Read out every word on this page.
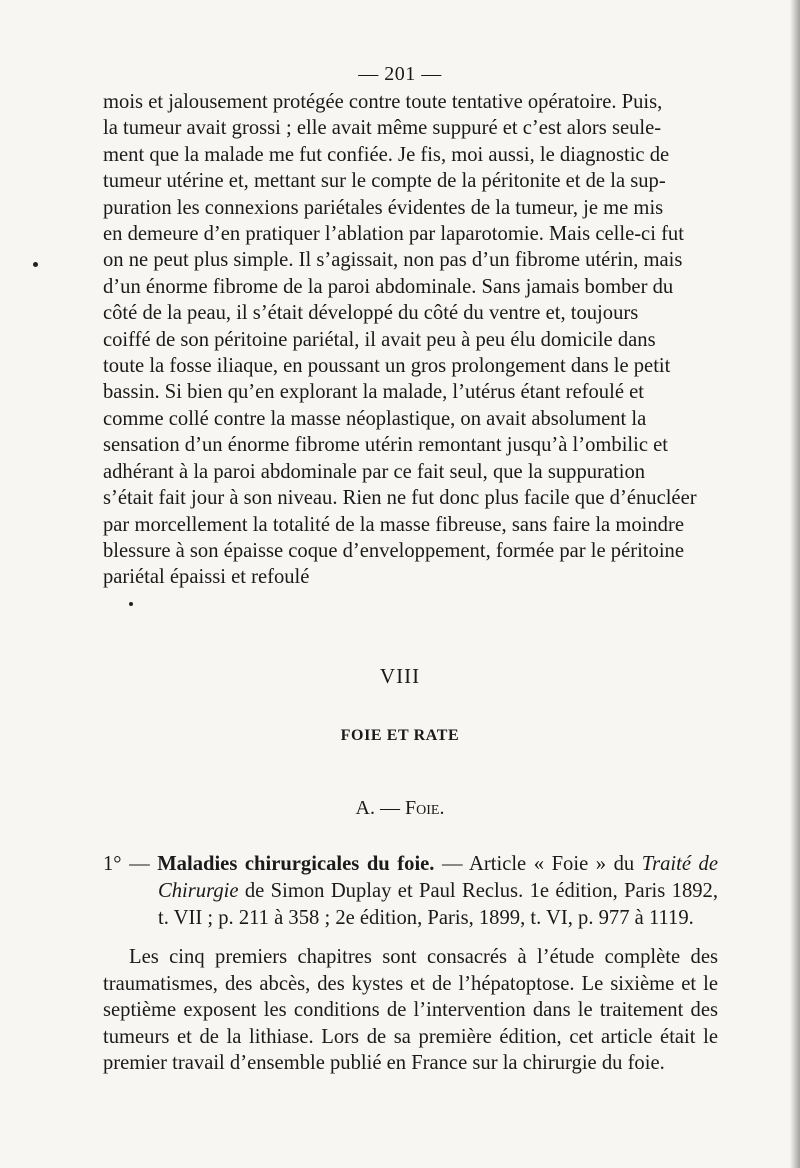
— 201 —
mois et jalousement protégée contre toute tentative opératoire. Puis,
la tumeur avait grossi ; elle avait même suppuré et c’est alors seule-
ment que la malade me fut confiée. Je fis, moi aussi, le diagnostic de
tumeur utérine et, mettant sur le compte de la péritonite et de la sup-
puration les connexions pariétales évidentes de la tumeur, je me mis
en demeure d’en pratiquer l’ablation par laparotomie. Mais celle-ci fut
on ne peut plus simple. Il s’agissait, non pas d’un fibrome utérin, mais
d’un énorme fibrome de la paroi abdominale. Sans jamais bomber du
côté de la peau, il s’était développé du côté du ventre et, toujours
coiffé de son péritoine pariétal, il avait peu à peu élu domicile dans
toute la fosse iliaque, en poussant un gros prolongement dans le petit
bassin. Si bien qu’en explorant la malade, l’utérus étant refoulé et
comme collé contre la masse néoplastique, on avait absolument la
sensation d’un énorme fibrome utérin remontant jusqu’à l’ombilic et
adhérant à la paroi abdominale par ce fait seul, que la suppuration
s’était fait jour à son niveau. Rien ne fut donc plus facile que d’énucléer
par morcellement la totalité de la masse fibreuse, sans faire la moindre
blessure à son épaisse coque d’enveloppement, formée par le péritoine
pariétal épaissi et refoulé
VIII
FOIE ET RATE
A. — Foie.
1° — Maladies chirurgicales du foie. — Article « Foie » du Traité de Chirurgie de Simon Duplay et Paul Reclus. 1e édition, Paris 1892, t. VII ; p. 211 à 358 ; 2e édition, Paris, 1899, t. VI, p. 977 à 1119.
Les cinq premiers chapitres sont consacrés à l’étude complète des traumatismes, des abcès, des kystes et de l’hépatoptose. Le sixième et le septième exposent les conditions de l’intervention dans le traitement des tumeurs et de la lithiase. Lors de sa première édition, cet article était le premier travail d’ensemble publié en France sur la chirurgie du foie.
